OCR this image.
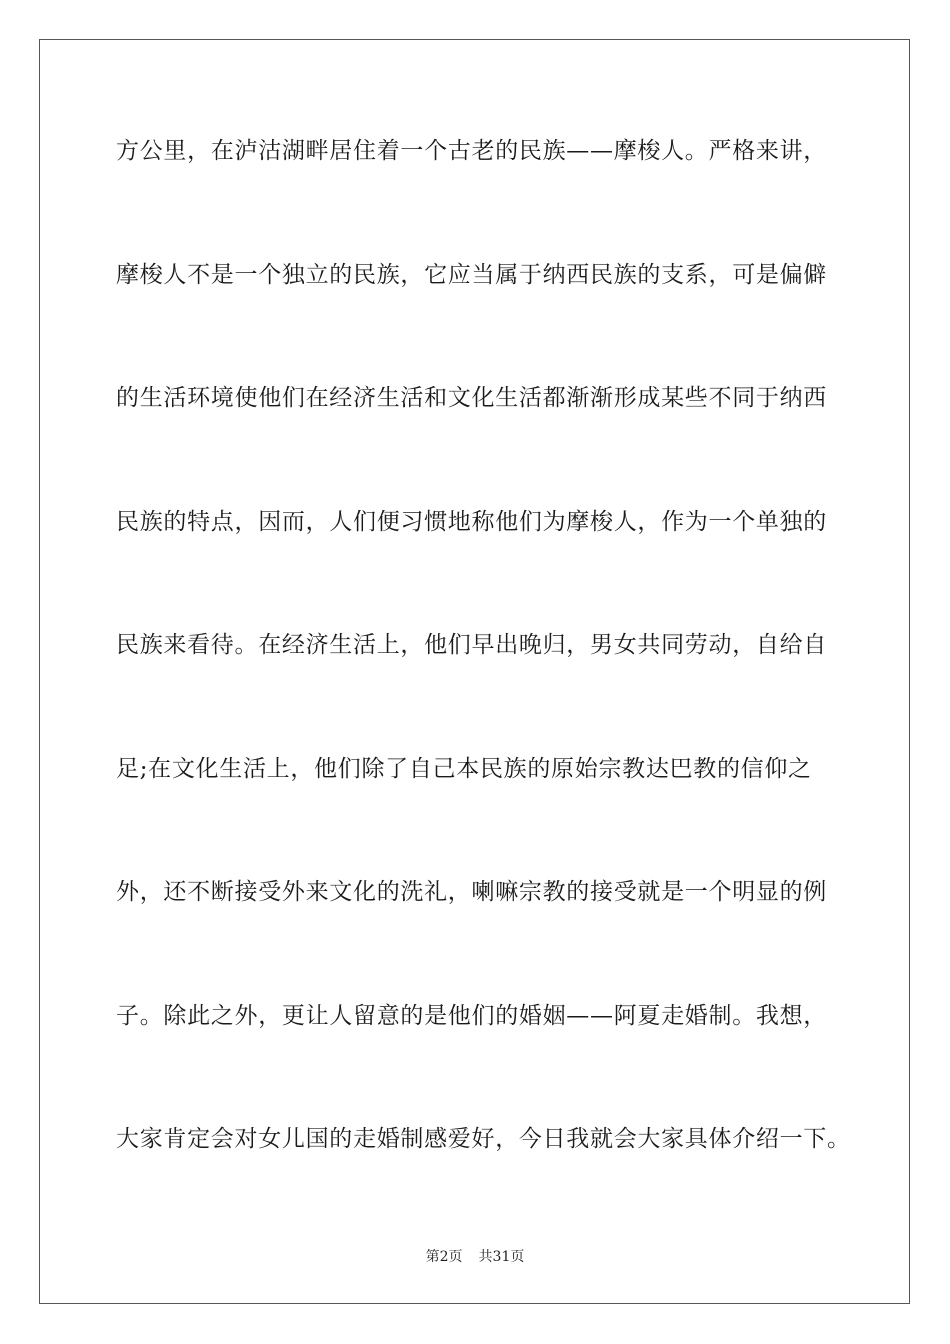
方公里，在泸沽湖畔居住着一个古老的民族——摩梭人。严格来讲，
摩梭人不是一个独立的民族，它应当属于纳西民族的支系，可是偏僻
的生活环境使他们在经济生活和文化生活都渐渐形成某些不同于纳西
民族的特点，因而，人们便习惯地称他们为摩梭人，作为一个单独的
民族来看待。在经济生活上，他们早出晚归，男女共同劳动，自给自
足;在文化生活上，他们除了自己本民族的原始宗教达巴教的信仰之
外，还不断接受外来文化的洗礼，喇嘛宗教的接受就是一个明显的例
子。除此之外，更让人留意的是他们的婚姻——阿夏走婚制。我想，
大家肯定会对女儿国的走婚制感爱好，今日我就会大家具体介绍一下。
第2页 共31页
